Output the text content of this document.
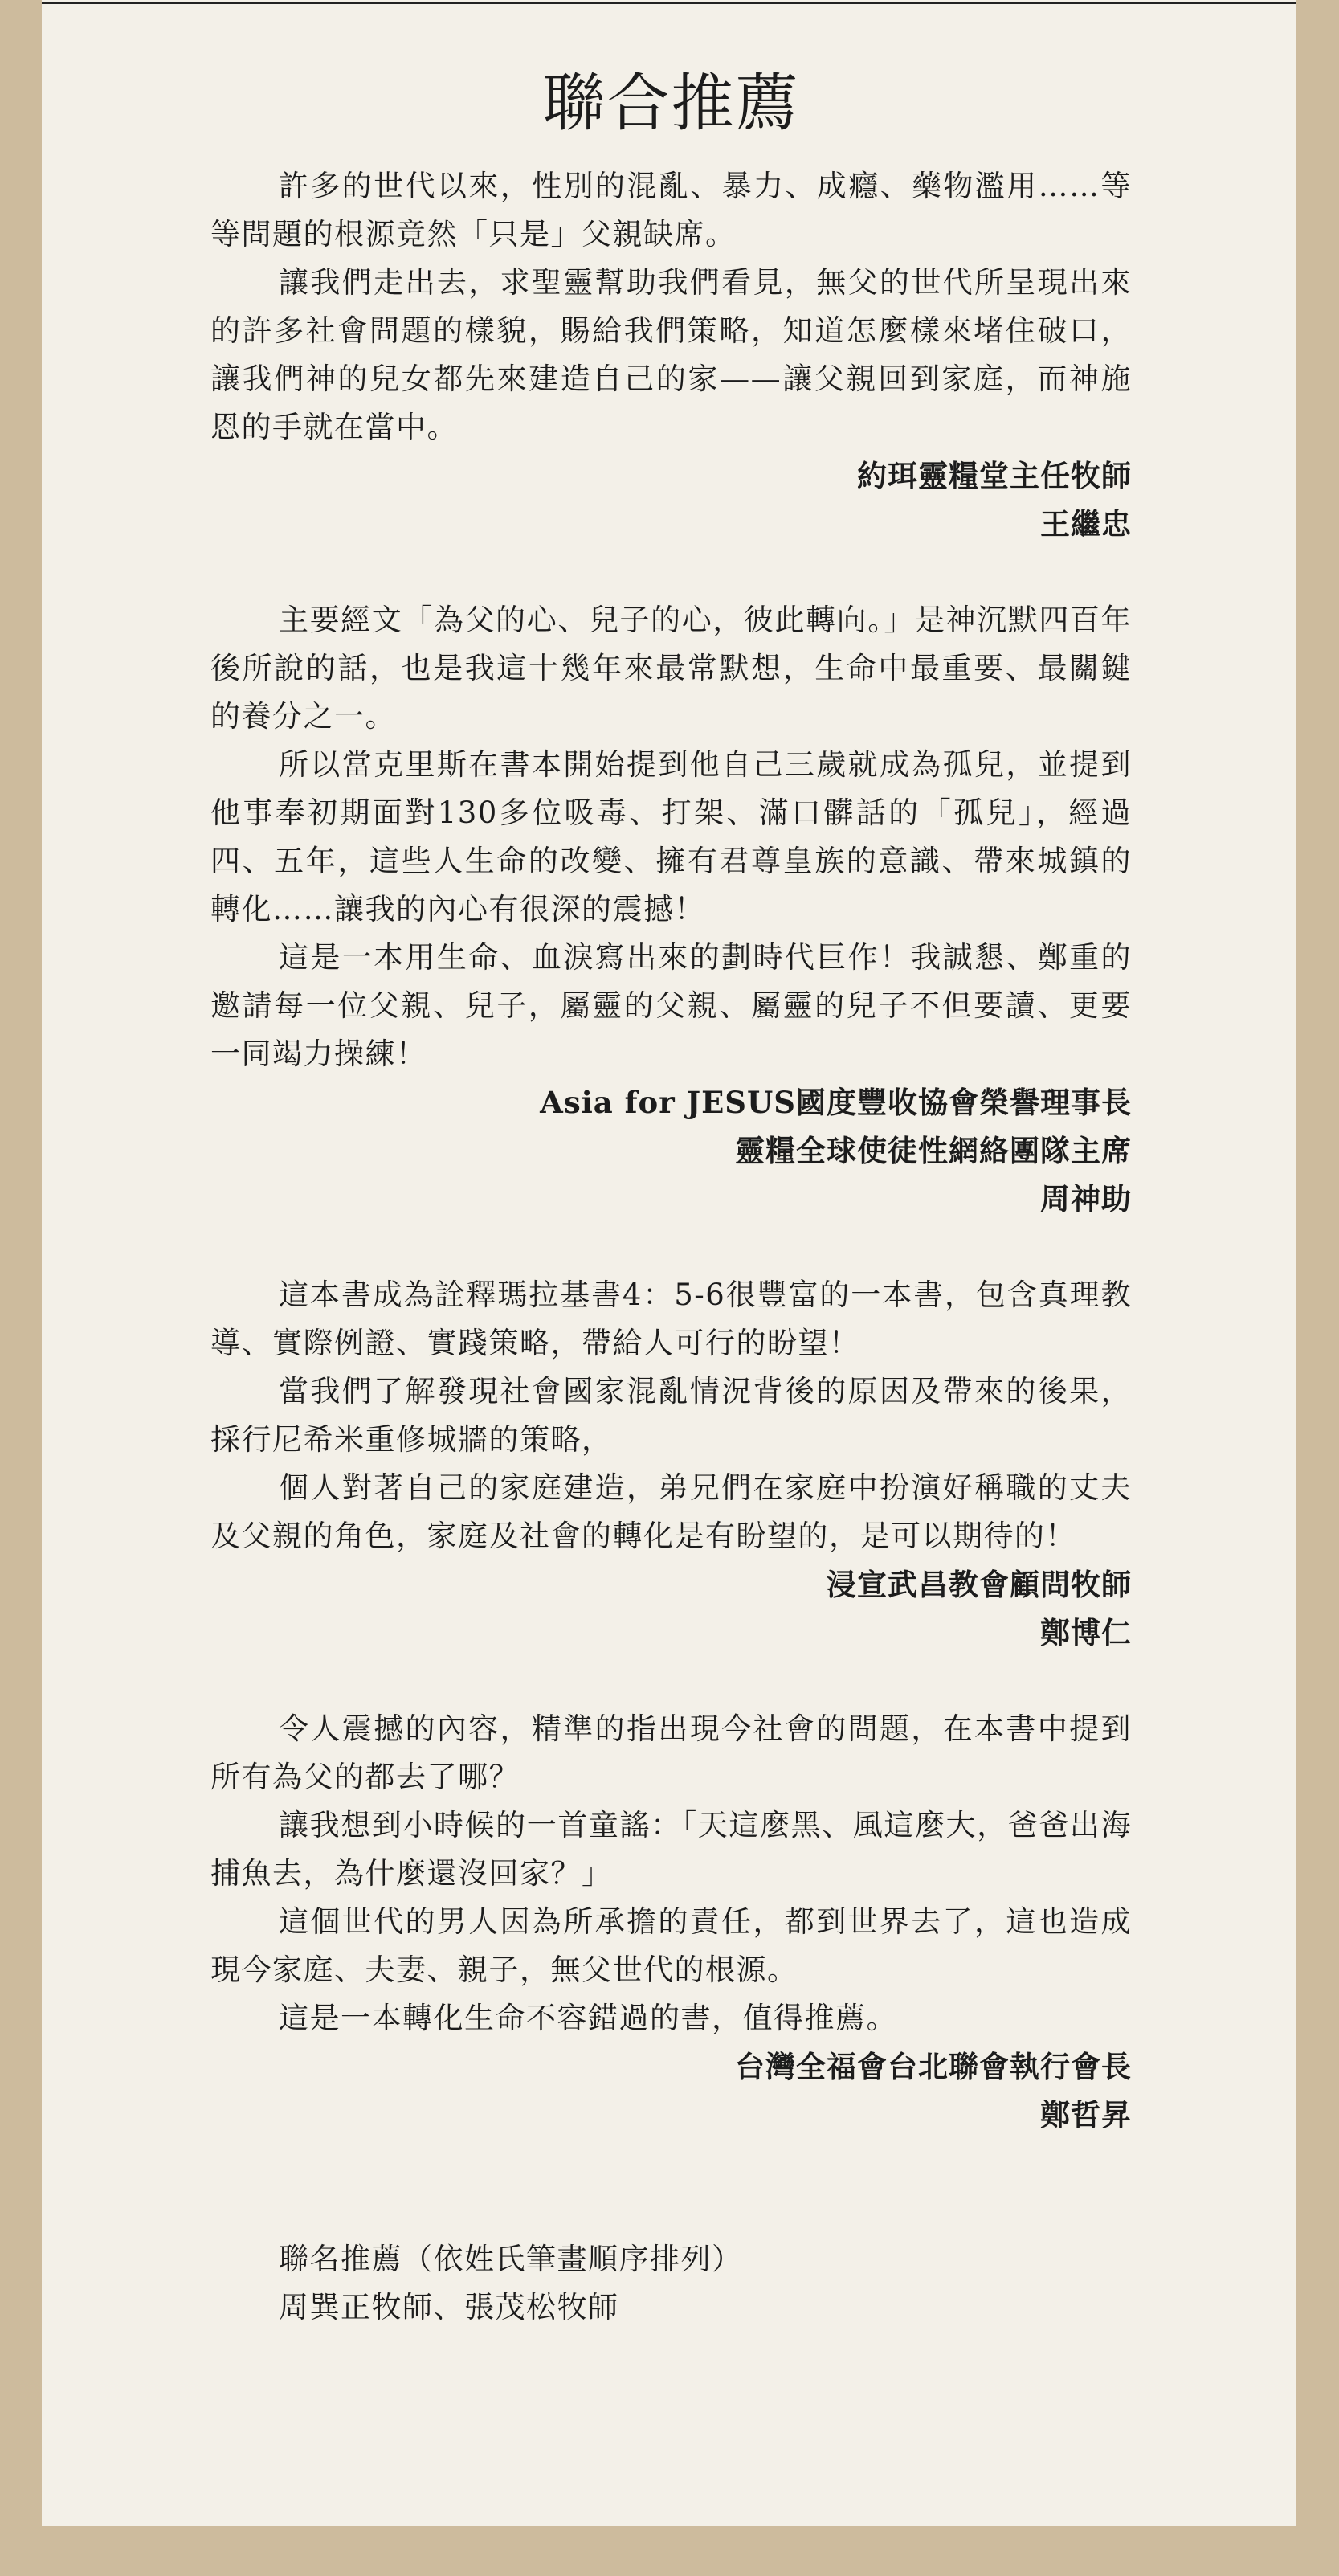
聯合推薦

許多的世代以來，性別的混亂、暴力、成癮、藥物濫用……等等問題的根源竟然「只是」父親缺席。

讓我們走出去，求聖靈幫助我們看見，無父的世代所呈現出來的許多社會問題的樣貌，賜給我們策略，知道怎麼樣來堵住破口，讓我們神的兒女都先來建造自己的家——讓父親回到家庭，而神施恩的手就在當中。

約珥靈糧堂主任牧師

王繼忠

主要經文「為父的心、兒子的心，彼此轉向。」是神沉默四百年後所說的話，也是我這十幾年來最常默想，生命中最重要、最關鍵的養分之一。

所以當克里斯在書本開始提到他自己三歲就成為孤兒，並提到他事奉初期面對130多位吸毒、打架、滿口髒話的「孤兒」，經過四、五年，這些人生命的改變、擁有君尊皇族的意識、帶來城鎮的轉化……讓我的內心有很深的震撼！

這是一本用生命、血淚寫出來的劃時代巨作！我誠懇、鄭重的邀請每一位父親、兒子，屬靈的父親、屬靈的兒子不但要讀、更要一同竭力操練！

Asia for JESUS國度豐收協會榮譽理事長

靈糧全球使徒性網絡團隊主席

周神助

這本書成為詮釋瑪拉基書4：5-6很豐富的一本書，包含真理教導、實際例證、實踐策略，帶給人可行的盼望！

當我們了解發現社會國家混亂情況背後的原因及帶來的後果，採行尼希米重修城牆的策略，

個人對著自己的家庭建造，弟兄們在家庭中扮演好稱職的丈夫及父親的角色，家庭及社會的轉化是有盼望的，是可以期待的！

浸宣武昌教會顧問牧師

鄭博仁

令人震撼的內容，精準的指出現今社會的問題，在本書中提到所有為父的都去了哪？

讓我想到小時候的一首童謠：「天這麼黑、風這麼大，爸爸出海捕魚去，為什麼還沒回家？」

這個世代的男人因為所承擔的責任，都到世界去了，這也造成現今家庭、夫妻、親子，無父世代的根源。

這是一本轉化生命不容錯過的書，值得推薦。

台灣全福會台北聯會執行會長

鄭哲昇

聯名推薦（依姓氏筆畫順序排列）

周巽正牧師、張茂松牧師
